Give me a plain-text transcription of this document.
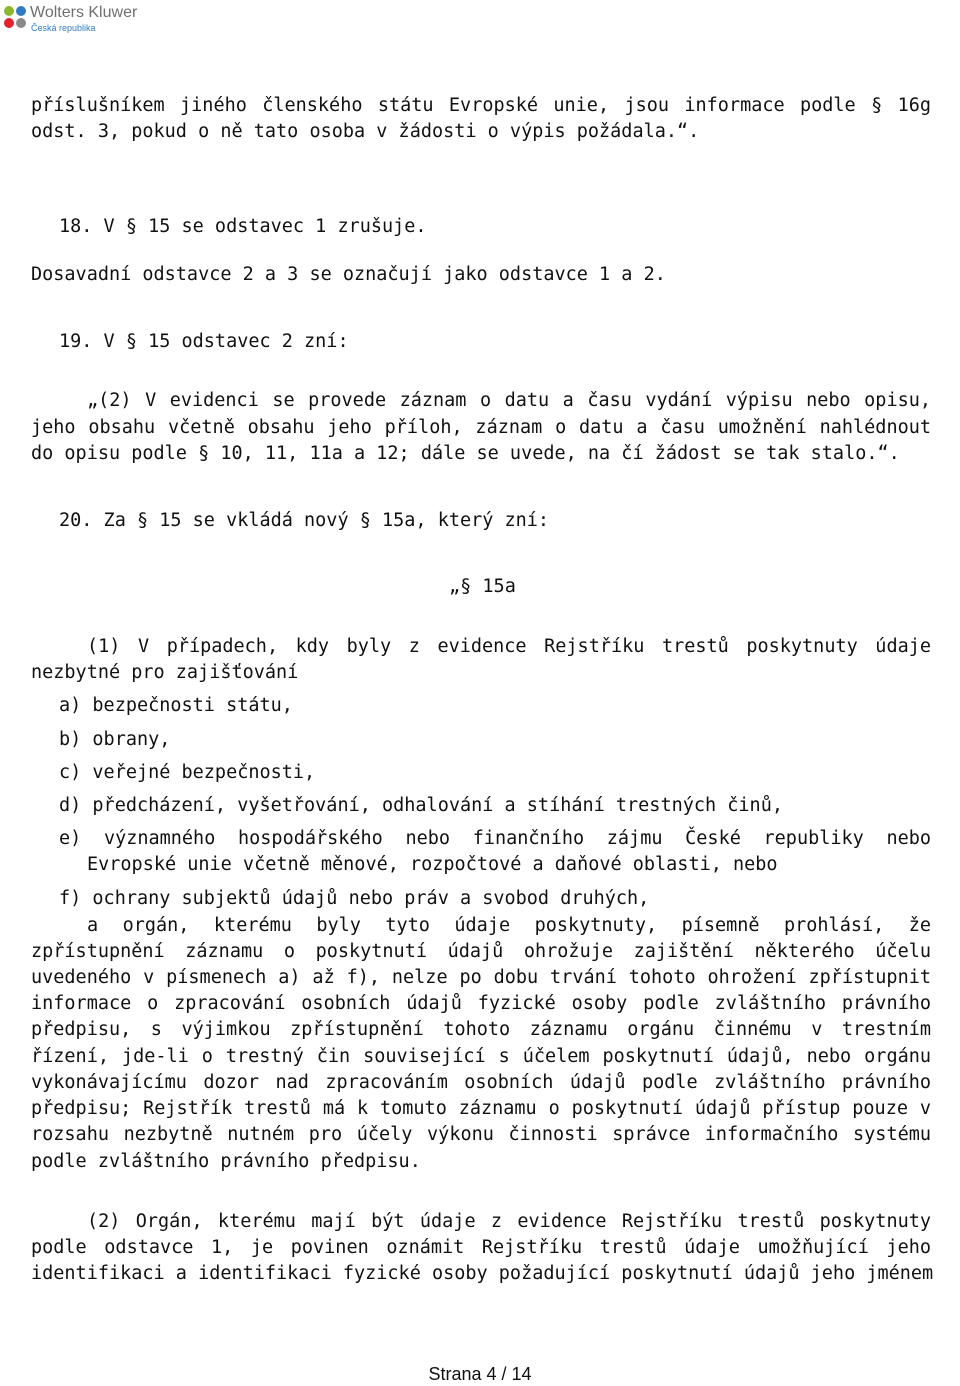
Wolters Kluwer
Česká republika

příslušníkem jiného členského státu Evropské unie, jsou informace podle § 16g

odst. 3, pokud o ně tato osoba v žádosti o výpis požádala.“.

18. V § 15 se odstavec 1 zrušuje.

Dosavadní odstavce 2 a 3 se označují jako odstavce 1 a 2.

19. V § 15 odstavec 2 zní:

„(2) V evidenci se provede záznam o datu a času vydání výpisu nebo opisu,

jeho obsahu včetně obsahu jeho příloh, záznam o datu a času umožnění nahlédnout

do opisu podle § 10, 11, 11a a 12; dále se uvede, na čí žádost se tak stalo.“.

20. Za § 15 se vkládá nový § 15a, který zní:

„§ 15a

(1) V případech, kdy byly z evidence Rejstříku trestů poskytnuty údaje

nezbytné pro zajišťování

a) bezpečnosti státu,

b) obrany,

c) veřejné bezpečnosti,

d) předcházení, vyšetřování, odhalování a stíhání trestných činů,

e) významného hospodářského nebo finančního zájmu České republiky nebo

Evropské unie včetně měnové, rozpočtové a daňové oblasti, nebo

f) ochrany subjektů údajů nebo práv a svobod druhých,

a orgán, kterému byly tyto údaje poskytnuty, písemně prohlásí, že

zpřístupnění záznamu o poskytnutí údajů ohrožuje zajištění některého účelu

uvedeného v písmenech a) až f), nelze po dobu trvání tohoto ohrožení zpřístupnit

informace o zpracování osobních údajů fyzické osoby podle zvláštního právního

předpisu, s výjimkou zpřístupnění tohoto záznamu orgánu činnému v trestním

řízení, jde-li o trestný čin související s účelem poskytnutí údajů, nebo orgánu

vykonávajícímu dozor nad zpracováním osobních údajů podle zvláštního právního

předpisu; Rejstřík trestů má k tomuto záznamu o poskytnutí údajů přístup pouze v

rozsahu nezbytně nutném pro účely výkonu činnosti správce informačního systému

podle zvláštního právního předpisu.

(2) Orgán, kterému mají být údaje z evidence Rejstříku trestů poskytnuty

podle odstavce 1, je povinen oznámit Rejstříku trestů údaje umožňující jeho

identifikaci a identifikaci fyzické osoby požadující poskytnutí údajů jeho jménem

Strana 4 / 14
